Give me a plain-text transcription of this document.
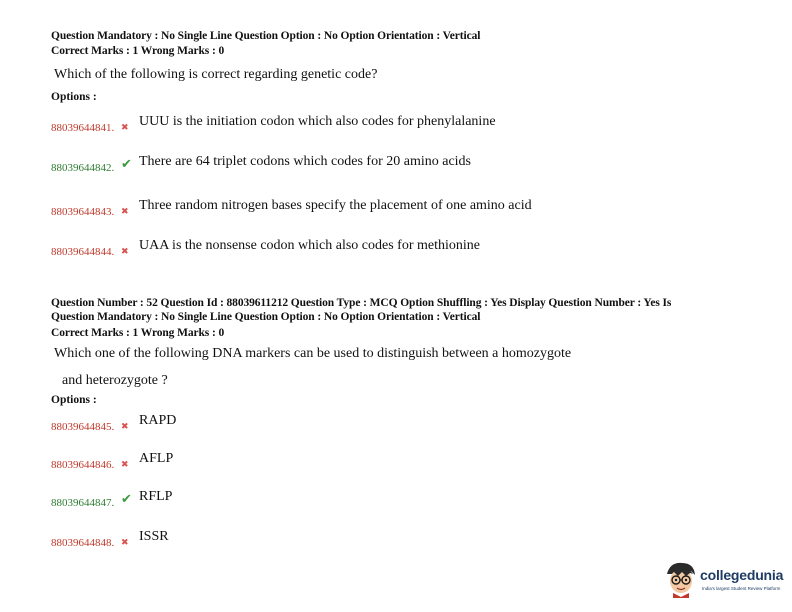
Question Mandatory : No Single Line Question Option : No Option Orientation : Vertical
Correct Marks : 1 Wrong Marks : 0
Which of the following is correct regarding genetic code?
Options :
88039644841. ✖ UUU is the initiation codon which also codes for phenylalanine
88039644842. ✔ There are 64 triplet codons which codes for 20 amino acids
88039644843. ✖ Three random nitrogen bases specify the placement of one amino acid
88039644844. ✖ UAA is the nonsense codon which also codes for methionine
Question Number : 52 Question Id : 88039611212 Question Type : MCQ Option Shuffling : Yes Display Question Number : Yes Is
Question Mandatory : No Single Line Question Option : No Option Orientation : Vertical
Correct Marks : 1 Wrong Marks : 0
Which one of the following DNA markers can be used to distinguish between a homozygote
and heterozygote ?
Options :
88039644845. ✖ RAPD
88039644846. ✖ AFLP
88039644847. ✔ RFLP
88039644848. ✖ ISSR
collegedunia
India's largest Student Review Platform
